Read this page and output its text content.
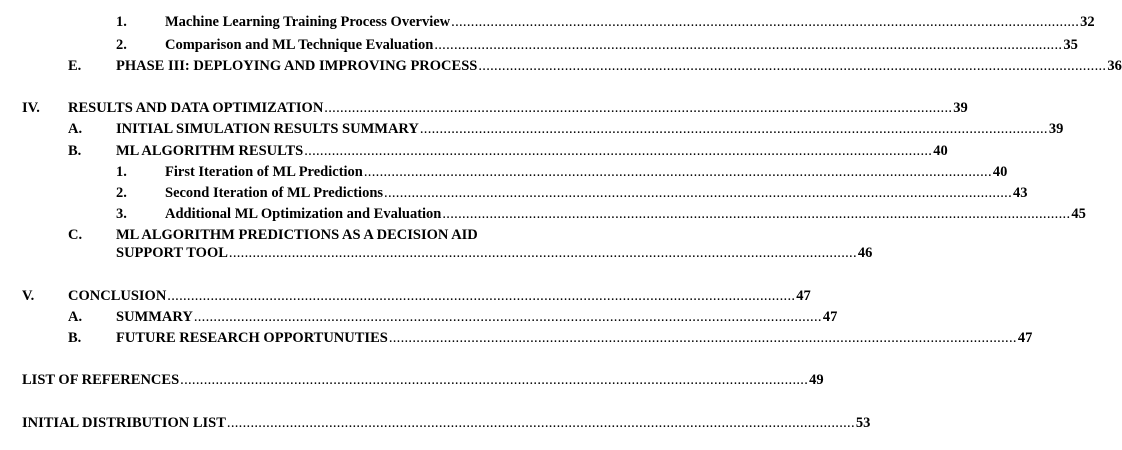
1.	Machine Learning Training Process Overview ................................................................................................................................................................ 32
2.	Comparison and ML Technique Evaluation ................................................................................................................................................................ 35
E. PHASE III: DEPLOYING AND IMPROVING PROCESS ................................................................................................................................................................ 36
IV. RESULTS AND DATA OPTIMIZATION ................................................................................................................................................................ 39
A. INITIAL SIMULATION RESULTS SUMMARY ................................................................................................................................................................ 39
B. ML ALGORITHM RESULTS ................................................................................................................................................................ 40
1.	First Iteration of ML Prediction ................................................................................................................................................................ 40
2.	Second Iteration of ML Predictions ................................................................................................................................................................ 43
3.	Additional ML Optimization and Evaluation ................................................................................................................................................................ 45
C. ML ALGORITHM PREDICTIONS AS A DECISION AID
SUPPORT TOOL ................................................................................................................................................................ 46
V. CONCLUSION ................................................................................................................................................................ 47
A. SUMMARY ................................................................................................................................................................ 47
B. FUTURE RESEARCH OPPORTUNUTIES ................................................................................................................................................................ 47
LIST OF REFERENCES ................................................................................................................................................................ 49
INITIAL DISTRIBUTION LIST ................................................................................................................................................................ 53
